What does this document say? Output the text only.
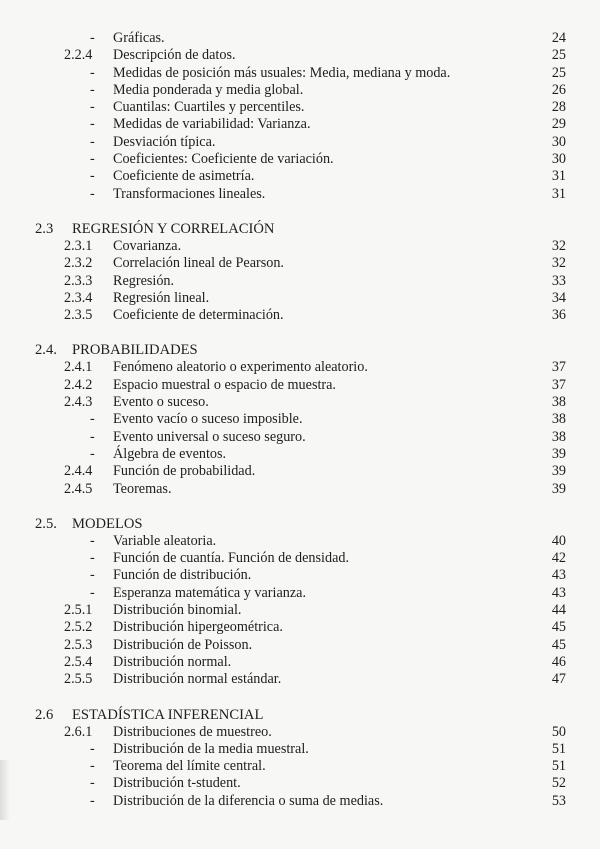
- Gráficas.	24
2.2.4 Descripción de datos.	25
- Medidas de posición más usuales: Media, mediana y moda.	25
- Media ponderada y media global.	26
- Cuantilas: Cuartiles y percentiles.	28
- Medidas de variabilidad: Varianza.	29
- Desviación típica.	30
- Coeficientes: Coeficiente de variación.	30
- Coeficiente de asimetría.	31
- Transformaciones lineales.	31
2.3 REGRESIÓN Y CORRELACIÓN
2.3.1 Covarianza.	32
2.3.2 Correlación lineal de Pearson.	32
2.3.3 Regresión.	33
2.3.4 Regresión lineal.	34
2.3.5 Coeficiente de determinación.	36
2.4. PROBABILIDADES
2.4.1 Fenómeno aleatorio o experimento aleatorio.	37
2.4.2 Espacio muestral o espacio de muestra.	37
2.4.3 Evento o suceso.	38
- Evento vacío o suceso imposible.	38
- Evento universal o suceso seguro.	38
- Álgebra de eventos.	39
2.4.4 Función de probabilidad.	39
2.4.5 Teoremas.	39
2.5. MODELOS
- Variable aleatoria.	40
- Función de cuantía. Función de densidad.	42
- Función de distribución.	43
- Esperanza matemática y varianza.	43
2.5.1 Distribución binomial.	44
2.5.2 Distribución hipergeométrica.	45
2.5.3 Distribución de Poisson.	45
2.5.4 Distribución normal.	46
2.5.5 Distribución normal estándar.	47
2.6 ESTADÍSTICA INFERENCIAL
2.6.1 Distribuciones de muestreo.	50
- Distribución de la media muestral.	51
- Teorema del límite central.	51
- Distribución t-student.	52
- Distribución de la diferencia o suma de medias.	53
